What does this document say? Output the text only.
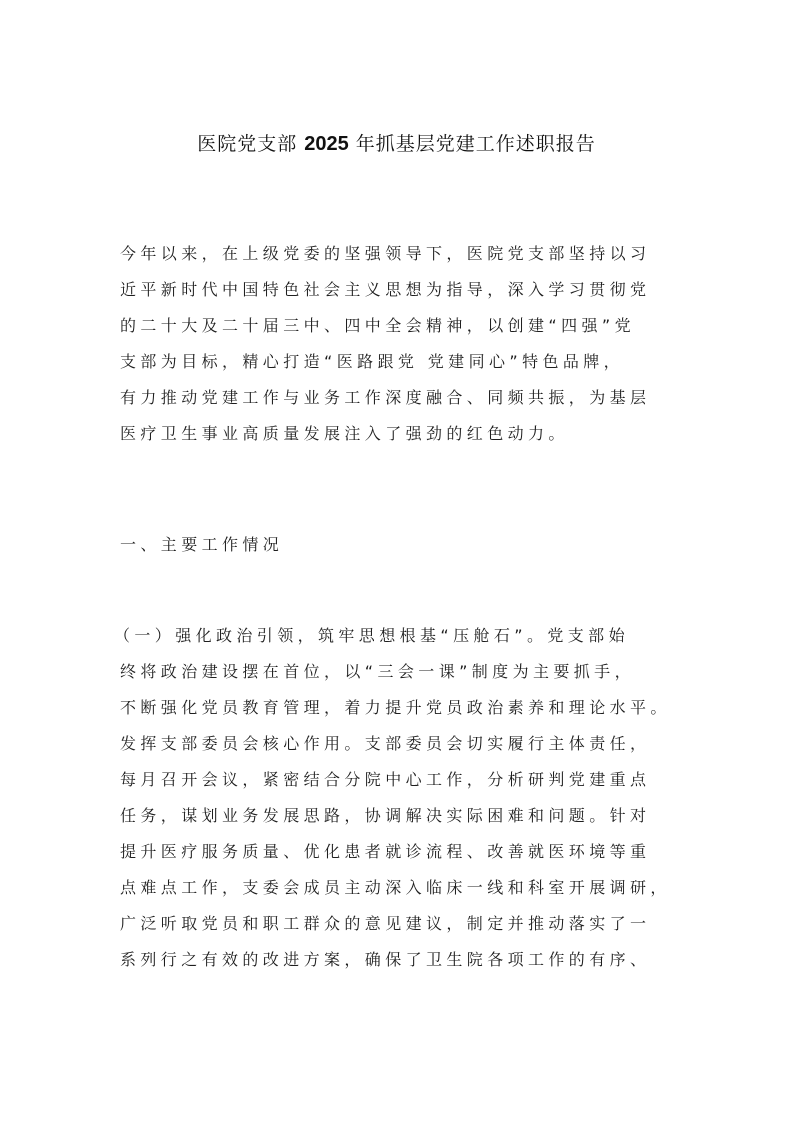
医院党支部 2025 年抓基层党建工作述职报告
今年以来，在上级党委的坚强领导下，医院党支部坚持以习
近平新时代中国特色社会主义思想为指导，深入学习贯彻党
的二十大及二十届三中、四中全会精神，以创建“四强”党
支部为目标，精心打造“医路跟党 党建同心”特色品牌，
有力推动党建工作与业务工作深度融合、同频共振，为基层
医疗卫生事业高质量发展注入了强劲的红色动力。
一、主要工作情况
（一）强化政治引领，筑牢思想根基“压舱石”。党支部始
终将政治建设摆在首位，以“三会一课”制度为主要抓手，
不断强化党员教育管理，着力提升党员政治素养和理论水平。
发挥支部委员会核心作用。支部委员会切实履行主体责任，
每月召开会议，紧密结合分院中心工作，分析研判党建重点
任务，谋划业务发展思路，协调解决实际困难和问题。针对
提升医疗服务质量、优化患者就诊流程、改善就医环境等重
点难点工作，支委会成员主动深入临床一线和科室开展调研，
广泛听取党员和职工群众的意见建议，制定并推动落实了一
系列行之有效的改进方案，确保了卫生院各项工作的有序、
